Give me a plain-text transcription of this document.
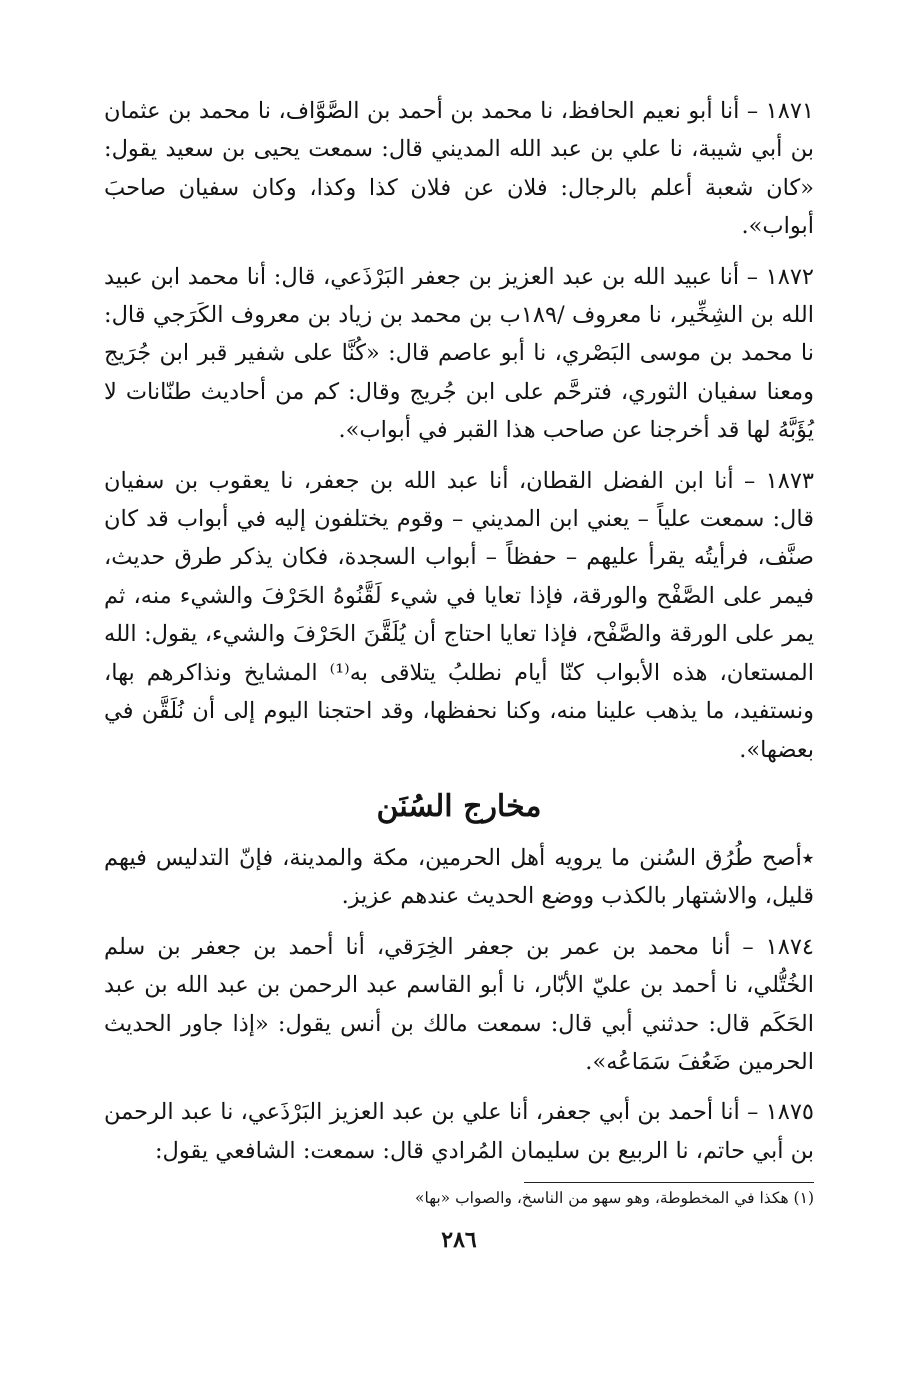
١٨٧١ – أنا أبو نعيم الحافظ، نا محمد بن أحمد بن الصَّوَّاف، نا محمد بن عثمان بن أبي شيبة، نا علي بن عبد الله المديني قال: سمعت يحيى بن سعيد يقول: «كان شعبة أعلم بالرجال: فلان عن فلان كذا وكذا، وكان سفيان صاحبَ أبواب».

١٨٧٢ – أنا عبيد الله بن عبد العزيز بن جعفر البَرْذَعي، قال: أنا محمد ابن عبيد الله بن الشِخِّير، نا معروف /١٨٩ب بن محمد بن زياد بن معروف الكَرَجي قال: نا محمد بن موسى البَصْري، نا أبو عاصم قال: «كُنَّا على شفير قبر ابن جُرَيج ومعنا سفيان الثوري، فترحَّم على ابن جُريج وقال: كم من أحاديث طنّانات لا يُؤَبَّهُ لها قد أخرجنا عن صاحب هذا القبر في أبواب».

١٨٧٣ – أنا ابن الفضل القطان، أنا عبد الله بن جعفر، نا يعقوب بن سفيان قال: سمعت علياً – يعني ابن المديني – وقوم يختلفون إليه في أبواب قد كان صنَّف، فرأيتُه يقرأ عليهم – حفظاً – أبواب السجدة، فكان يذكر طرق حديث، فيمر على الصَّفْح والورقة، فإذا تعايا في شيء لَقَّنُوهُ الحَرْفَ والشيء منه، ثم يمر على الورقة والصَّفْح، فإذا تعايا احتاج أن يُلَقَّنَ الحَرْفَ والشيء، يقول: الله المستعان، هذه الأبواب كنّا أيام نطلبُ يتلاقى به⁽¹⁾ المشايخ ونذاكرهم بها، ونستفيد، ما يذهب علينا منه، وكنا نحفظها، وقد احتجنا اليوم إلى أن نُلَقَّن في بعضها».

مخارج السُنَن

⭑أصح طُرُق السُنن ما يرويه أهل الحرمين، مكة والمدينة، فإنّ التدليس فيهم قليل، والاشتهار بالكذب ووضع الحديث عندهم عزيز.

١٨٧٤ – أنا محمد بن عمر بن جعفر الخِرَقي، أنا أحمد بن جعفر بن سلم الخُتُّلي، نا أحمد بن عليّ الأبّار، نا أبو القاسم عبد الرحمن بن عبد الله بن عبد الحَكَم قال: حدثني أبي قال: سمعت مالك بن أنس يقول: «إذا جاور الحديث الحرمين ضَعُفَ سَمَاعُه».

١٨٧٥ – أنا أحمد بن أبي جعفر، أنا علي بن عبد العزيز البَرْذَعي، نا عبد الرحمن بن أبي حاتم، نا الربيع بن سليمان المُرادي قال: سمعت: الشافعي يقول:

(١) هكذا في المخطوطة، وهو سهو من الناسخ، والصواب «بها»
٢٨٦
